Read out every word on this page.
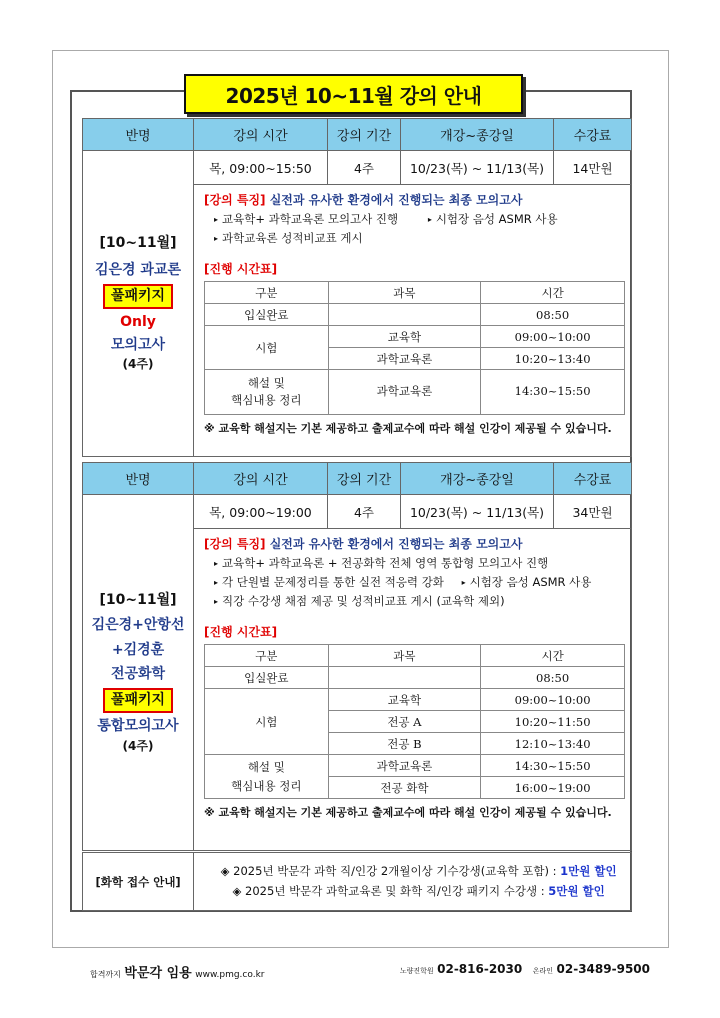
2025년 10~11월 강의 안내
반명	강의 시간	강의 기간	개강~종강일	수강료

[10~11월]
김은경 과교론
풀패키지
Only
모의고사
(4주)
	목, 09:00~15:50	4주	10/23(목) ~ 11/13(목)	14만원

[강의 특징] 실전과 유사한 환경에서 진행되는 최종 모의고사
▸ 교육학+ 과학교육론 모의고사 진행	▸ 시험장 음성 ASMR 사용
▸ 과학교육론 성적비교표 게시
[진행 시간표]
구분	과목	시간
입실완료		08:50
시험	교육학	09:00~10:00
과학교육론	10:20~13:40

해설 및
핵심내용 정리
	과학교육론	14:30~15:50
※ 교육학 해설지는 기본 제공하고 출제교수에 따라 해설 인강이 제공될 수 있습니다.
반명	강의 시간	강의 기간	개강~종강일	수강료

[10~11월]
김은경+안항선
+김경훈
전공화학
풀패키지
통합모의고사
(4주)
	목, 09:00~19:00	4주	10/23(목) ~ 11/13(목)	34만원

[강의 특징] 실전과 유사한 환경에서 진행되는 최종 모의고사
▸ 교육학+ 과학교육론 + 전공화학 전체 영역 통합형 모의고사 진행
▸ 각 단원별 문제정리를 통한 실전 적응력 강화 ▸ 시험장 음성 ASMR 사용
▸ 직강 수강생 채점 제공 및 성적비교표 게시 (교육학 제외)
[진행 시간표]
구분	과목	시간
입실완료		08:50
시험	교육학	09:00~10:00
전공 A	10:20~11:50
전공 B	12:10~13:40

해설 및
핵심내용 정리
	과학교육론	14:30~15:50
전공 화학	16:00~19:00
※ 교육학 해설지는 기본 제공하고 출제교수에 따라 해설 인강이 제공될 수 있습니다.
[화학 접수 안내]	
◈ 2025년 박문각 과학 직/인강 2개월이상 기수강생(교육학 포함) : 1만원 할인
◈ 2025년 박문각 과학교육론 및 화학 직/인강 패키지 수강생 : 5만원 할인
합격까지 박문각 임용 www.pmg.co.kr	노량진학원 02-816-2030 온라인 02-3489-9500
